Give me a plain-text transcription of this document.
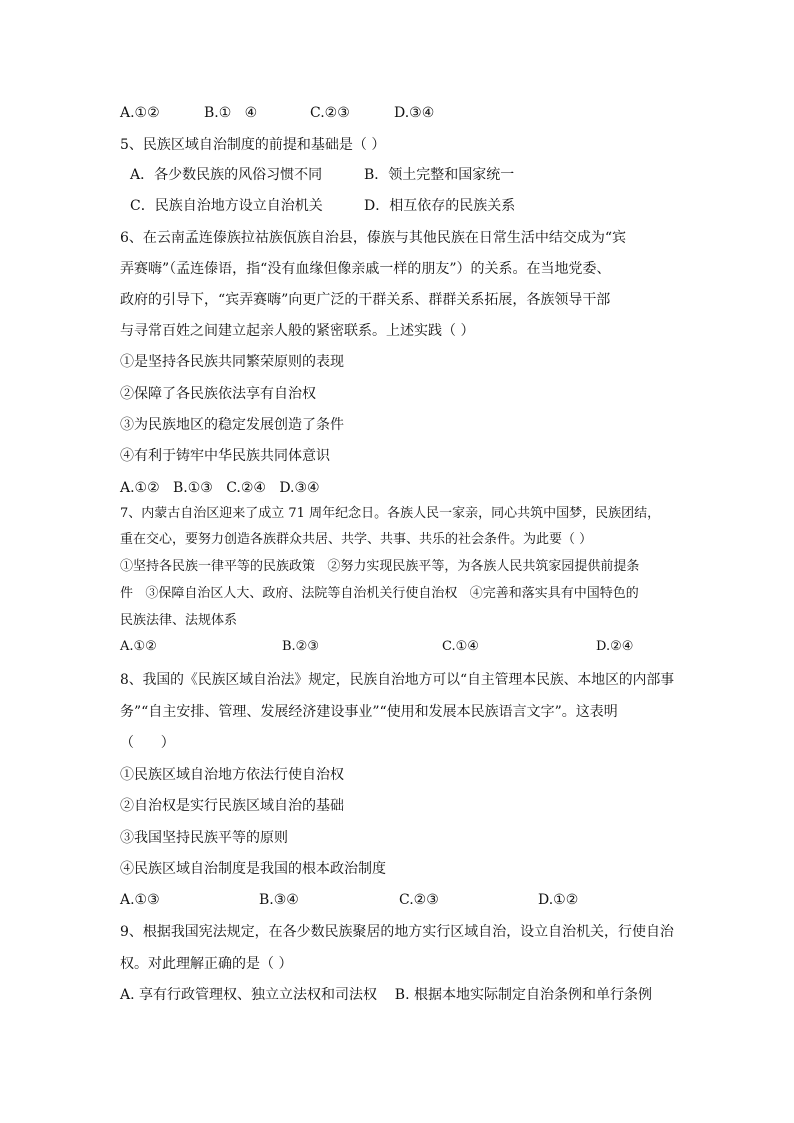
A.①②	B.①   ④	C.②③	D.③④
5、民族区域自治制度的前提和基础是（ ）
A．各少数民族的风俗习惯不同	B．领土完整和国家统一
C．民族自治地方设立自治机关	D．相互依存的民族关系
6、在云南孟连傣族拉祜族佤族自治县，傣族与其他民族在日常生活中结交成为“宾
弄赛嗨”（孟连傣语，指“没有血缘但像亲戚一样的朋友”）的关系。在当地党委、
政府的引导下，“宾弄赛嗨”向更广泛的干群关系、群群关系拓展，各族领导干部
与寻常百姓之间建立起亲人般的紧密联系。上述实践（ ）
①是坚持各民族共同繁荣原则的表现
②保障了各民族依法享有自治权
③为民族地区的稳定发展创造了条件
④有利于铸牢中华民族共同体意识
A.①②   B.①③   C.②④   D.③④
7、内蒙古自治区迎来了成立 71 周年纪念日。各族人民一家亲，同心共筑中国梦，民族团结，
重在交心，要努力创造各族群众共居、共学、共事、共乐的社会条件。为此要（ ）
①坚持各民族一律平等的民族政策   ②努力实现民族平等，为各族人民共筑家园提供前提条
件   ③保障自治区人大、政府、法院等自治机关行使自治权   ④完善和落实具有中国特色的
民族法律、法规体系
A.①②	B.②③	C.①④	D.②④
8、我国的《民族区域自治法》规定，民族自治地方可以“自主管理本民族、本地区的内部事
务”“自主安排、管理、发展经济建设事业”“使用和发展本民族语言文字”。这表明
（      ）
①民族区域自治地方依法行使自治权
②自治权是实行民族区域自治的基础
③我国坚持民族平等的原则
④民族区域自治制度是我国的根本政治制度
A.①③	B.③④	C.②③	D.①②
9、根据我国宪法规定，在各少数民族聚居的地方实行区域自治，设立自治机关，行使自治
权。对此理解正确的是（ ）
A. 享有行政管理权、独立立法权和司法权    B. 根据本地实际制定自治条例和单行条例
